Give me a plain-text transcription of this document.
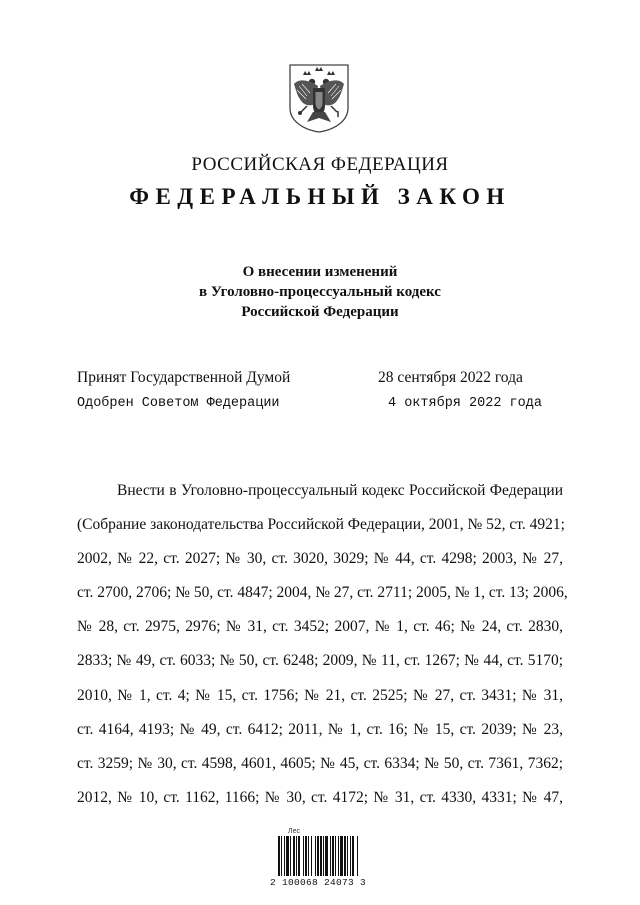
РОССИЙСКАЯ ФЕДЕРАЦИЯ
ФЕДЕРАЛЬНЫЙ ЗАКОН
О внесении изменений
в Уголовно-процессуальный кодекс
Российской Федерации
Принят Государственной Думой	28 сентября 2022 года
Одобрен Советом Федерации	4 октября 2022 года
Внести в Уголовно-процессуальный кодекс Российской Федерации
(Собрание законодательства Российской Федерации, 2001, № 52, ст. 4921;
2002, № 22, ст. 2027; № 30, ст. 3020, 3029; № 44, ст. 4298; 2003, № 27,
ст. 2700, 2706; № 50, ст. 4847; 2004, № 27, ст. 2711; 2005, № 1, ст. 13; 2006,
№ 28, ст. 2975, 2976; № 31, ст. 3452; 2007, № 1, ст. 46; № 24, ст. 2830,
2833; № 49, ст. 6033; № 50, ст. 6248; 2009, № 11, ст. 1267; № 44, ст. 5170;
2010, № 1, ст. 4; № 15, ст. 1756; № 21, ст. 2525; № 27, ст. 3431; № 31,
ст. 4164, 4193; № 49, ст. 6412; 2011, № 1, ст. 16; № 15, ст. 2039; № 23,
ст. 3259; № 30, ст. 4598, 4601, 4605; № 45, ст. 6334; № 50, ст. 7361, 7362;
2012, № 10, ст. 1162, 1166; № 30, ст. 4172; № 31, ст. 4330, 4331; № 47,
Лес
2 100068 24073 3
